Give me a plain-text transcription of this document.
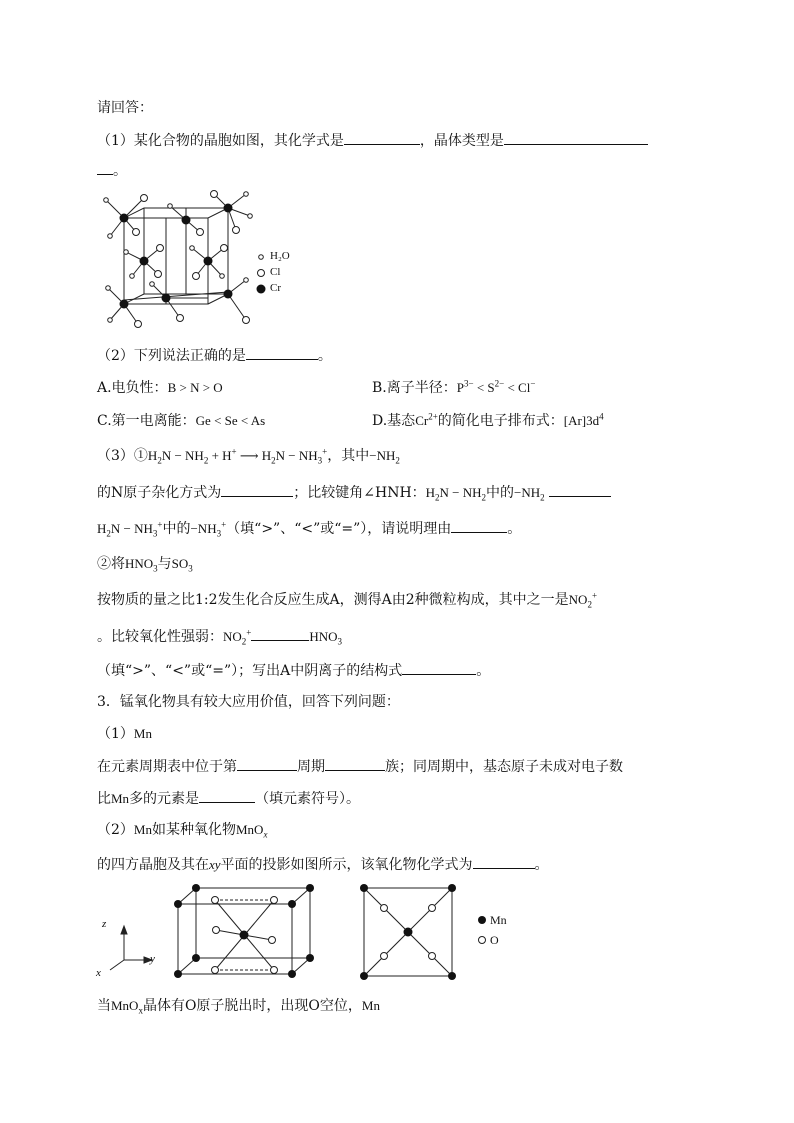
请回答：
（1）某化合物的晶胞如图，其化学式是	，晶体类型是
。
H₂O
Cl
Cr
（2）下列说法正确的是	。
A.电负性：B > N > O	B.离子半径：$P^{3-} < S^{2-} < Cl^-$
C.第一电离能：Ge < Se < As	D.基态$Cr^{2+}$的简化电子排布式：$[Ar]3d^4$
$(3)①H_2N - NH_2 + H^+$ ⟶ $H_2N - NH_3^+$，其中$-NH_2$
的N原子杂化方式为	；比较键角∠HNH：$H_2N - NH_2$中的$-NH_2$
$H_2N - NH_3^+$中的$-NH_3^+$（填“>”、“<”或“=”），请说明理由	。
②将$HNO_3$与$SO_3$
按物质的量之比1:2发生化合反应生成A，测得A由2种微粒构成，其中之一是$NO_2^+$
。比较氧化性强弱：$NO_2^+$	$HNO_3$
（填“>”、“<”或“=”）；写出A中阴离子的结构式	。
3．锰氧化物具有较大应用价值，回答下列问题：
（1）Mn
在元素周期表中位于第	周期	族；同周期中，基态原子未成对电子数
比Mn多的元素是	（填元素符号）。
（2）Mn如某种氧化物MnO$_x$
的四方晶胞及其在xy平面的投影如图所示，该氧化物化学式为	。
z
y
x
Mn
O
当MnO$_x$晶体有O原子脱出时，出现O空位，Mn
